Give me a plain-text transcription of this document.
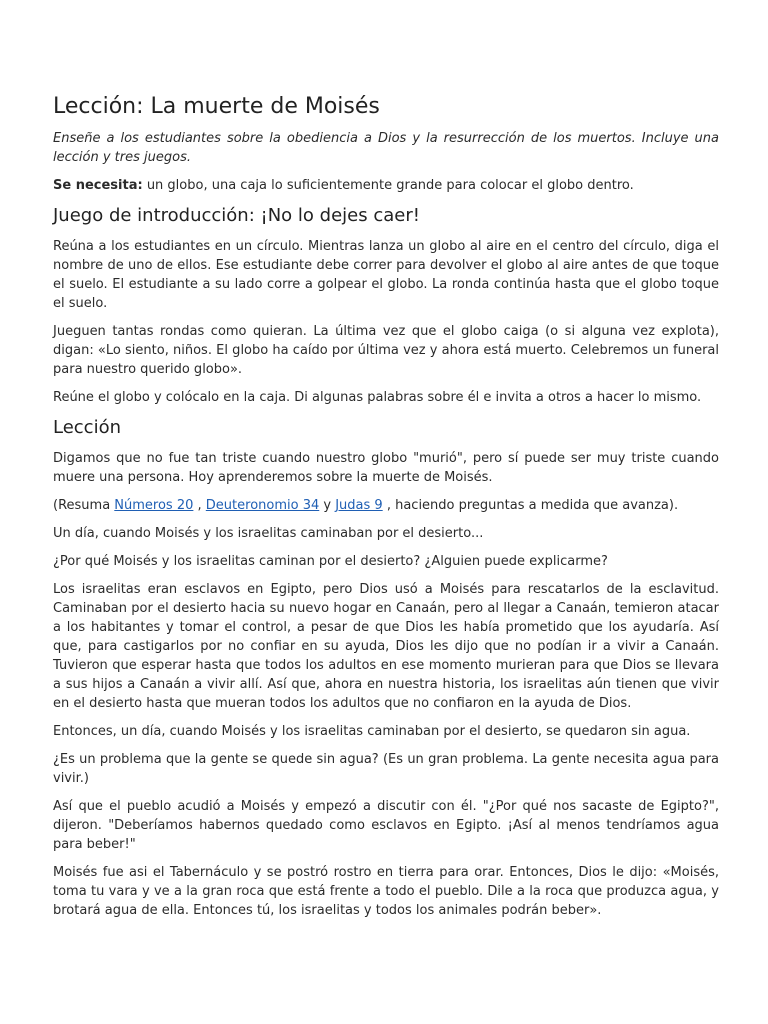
Lección: La muerte de Moisés

Enseñe a los estudiantes sobre la obediencia a Dios y la resurrección de los muertos. Incluye una lección y tres juegos.

Se necesita: un globo, una caja lo suficientemente grande para colocar el globo dentro.

Juego de introducción: ¡No lo dejes caer!

Reúna a los estudiantes en un círculo. Mientras lanza un globo al aire en el centro del círculo, diga el nombre de uno de ellos. Ese estudiante debe correr para devolver el globo al aire antes de que toque el suelo. El estudiante a su lado corre a golpear el globo. La ronda continúa hasta que el globo toque el suelo.

Jueguen tantas rondas como quieran. La última vez que el globo caiga (o si alguna vez explota), digan: «Lo siento, niños. El globo ha caído por última vez y ahora está muerto. Celebremos un funeral para nuestro querido globo».

Reúne el globo y colócalo en la caja. Di algunas palabras sobre él e invita a otros a hacer lo mismo.

Lección

Digamos que no fue tan triste cuando nuestro globo "murió", pero sí puede ser muy triste cuando muere una persona. Hoy aprenderemos sobre la muerte de Moisés.

(Resuma Números 20 , Deuteronomio 34 y Judas 9 , haciendo preguntas a medida que avanza).

Un día, cuando Moisés y los israelitas caminaban por el desierto...

¿Por qué Moisés y los israelitas caminan por el desierto? ¿Alguien puede explicarme?

Los israelitas eran esclavos en Egipto, pero Dios usó a Moisés para rescatarlos de la esclavitud. Caminaban por el desierto hacia su nuevo hogar en Canaán, pero al llegar a Canaán, temieron atacar a los habitantes y tomar el control, a pesar de que Dios les había prometido que los ayudaría. Así que, para castigarlos por no confiar en su ayuda, Dios les dijo que no podían ir a vivir a Canaán. Tuvieron que esperar hasta que todos los adultos en ese momento murieran para que Dios se llevara a sus hijos a Canaán a vivir allí. Así que, ahora en nuestra historia, los israelitas aún tienen que vivir en el desierto hasta que mueran todos los adultos que no confiaron en la ayuda de Dios.

Entonces, un día, cuando Moisés y los israelitas caminaban por el desierto, se quedaron sin agua.

¿Es un problema que la gente se quede sin agua? (Es un gran problema. La gente necesita agua para vivir.)

Así que el pueblo acudió a Moisés y empezó a discutir con él. "¿Por qué nos sacaste de Egipto?", dijeron. "Deberíamos habernos quedado como esclavos en Egipto. ¡Así al menos tendríamos agua para beber!"

Moisés fue asi el Tabernáculo y se postró rostro en tierra para orar. Entonces, Dios le dijo: «Moisés, toma tu vara y ve a la gran roca que está frente a todo el pueblo. Dile a la roca que produzca agua, y brotará agua de ella. Entonces tú, los israelitas y todos los animales podrán beber».
